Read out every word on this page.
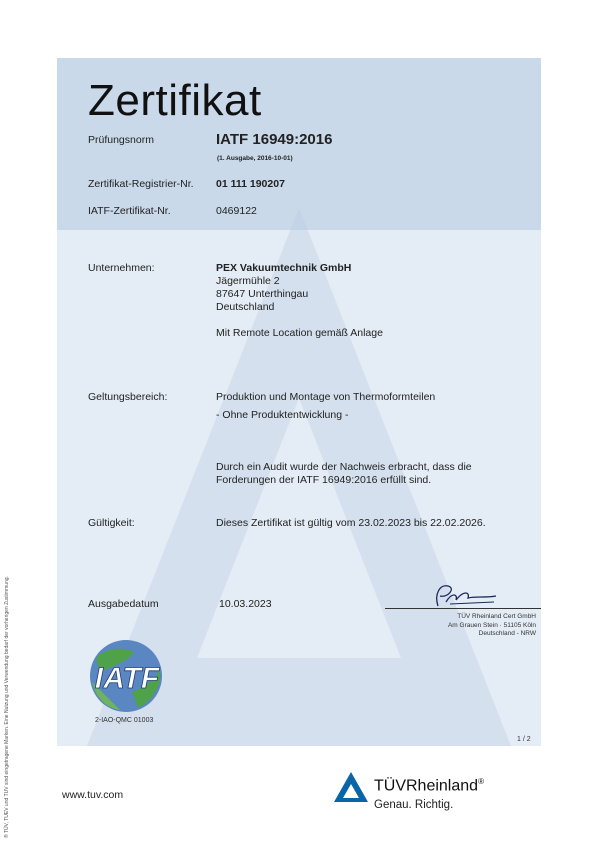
Zertifikat
Prüfungsnorm	IATF 16949:2016
(1. Ausgabe, 2016-10-01)
Zertifikat-Registrier-Nr. 01 111 190207
IATF-Zertifikat-Nr.	0469122
Unternehmen:	PEX Vakuumtechnik GmbH
Jägermühle 2
87647 Unterthingau
Deutschland
Mit Remote Location gemäß Anlage
Geltungsbereich:	Produktion und Montage von Thermoformteilen
- Ohne Produktentwicklung -
Durch ein Audit wurde der Nachweis erbracht, dass die
Forderungen der IATF 16949:2016 erfüllt sind.
Gültigkeit:	Dieses Zertifikat ist gültig vom 23.02.2023 bis 22.02.2026.
Ausgabedatum	10.03.2023
TÜV Rheinland Cert GmbH
Am Grauen Stein · 51105 Köln
Deutschland - NRW
IATF
2-IAO-QMC 01003
1 / 2
® TÜV, TUEV und TUV sind eingetragene Marken. Eine Nutzung und Verwendung bedarf der vorherigen Zustimmung.	www.tuv.com
TÜVRheinland®
Genau. Richtig.
